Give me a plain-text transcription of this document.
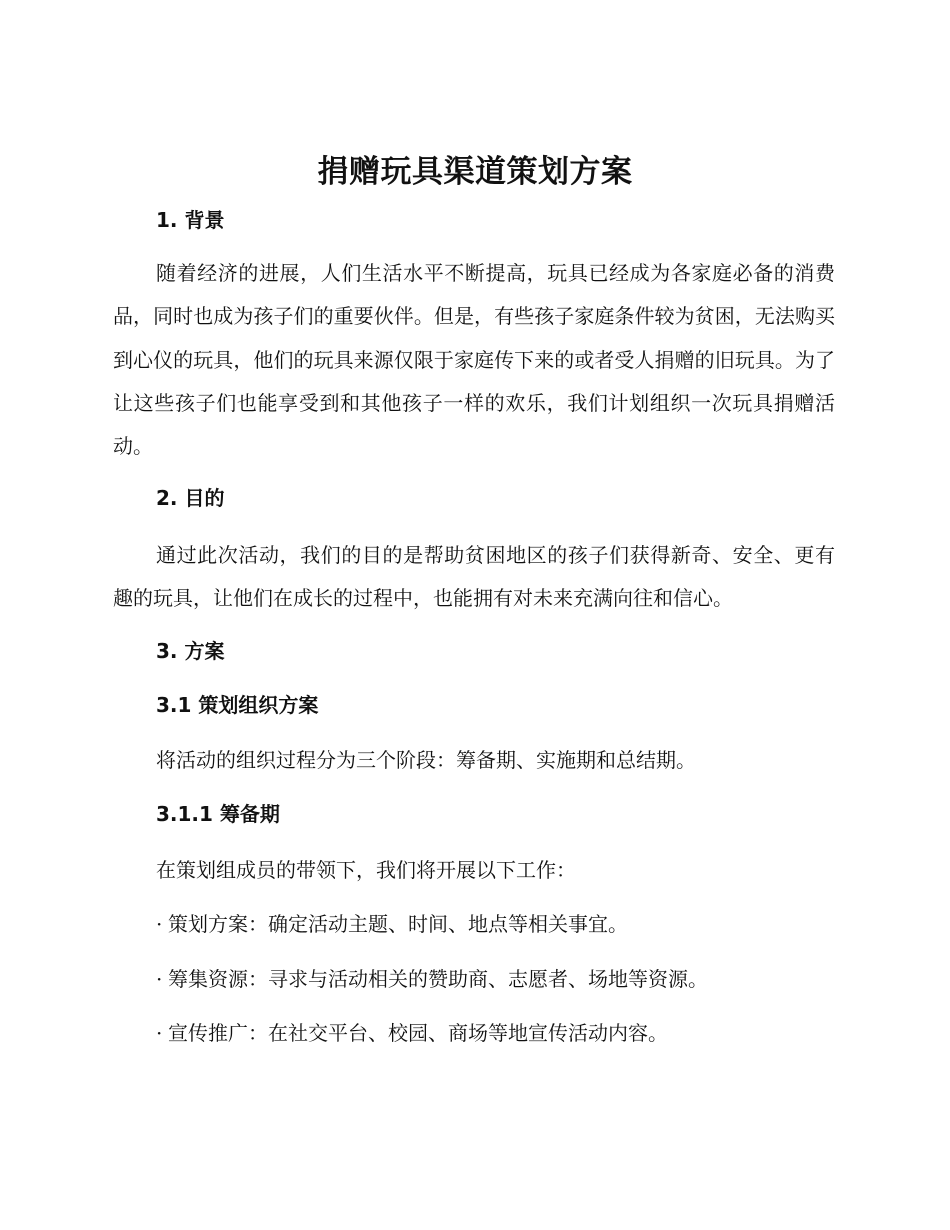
捐赠玩具渠道策划方案
1. 背景
随着经济的进展，人们生活水平不断提高，玩具已经成为各家庭必备的消费品，同时也成为孩子们的重要伙伴。但是，有些孩子家庭条件较为贫困，无法购买到心仪的玩具，他们的玩具来源仅限于家庭传下来的或者受人捐赠的旧玩具。为了让这些孩子们也能享受到和其他孩子一样的欢乐，我们计划组织一次玩具捐赠活动。
2. 目的
通过此次活动，我们的目的是帮助贫困地区的孩子们获得新奇、安全、更有趣的玩具，让他们在成长的过程中，也能拥有对未来充满向往和信心。
3. 方案
3.1 策划组织方案
将活动的组织过程分为三个阶段：筹备期、实施期和总结期。
3.1.1 筹备期
在策划组成员的带领下，我们将开展以下工作：
· 策划方案：确定活动主题、时间、地点等相关事宜。
· 筹集资源：寻求与活动相关的赞助商、志愿者、场地等资源。
· 宣传推广：在社交平台、校园、商场等地宣传活动内容。
